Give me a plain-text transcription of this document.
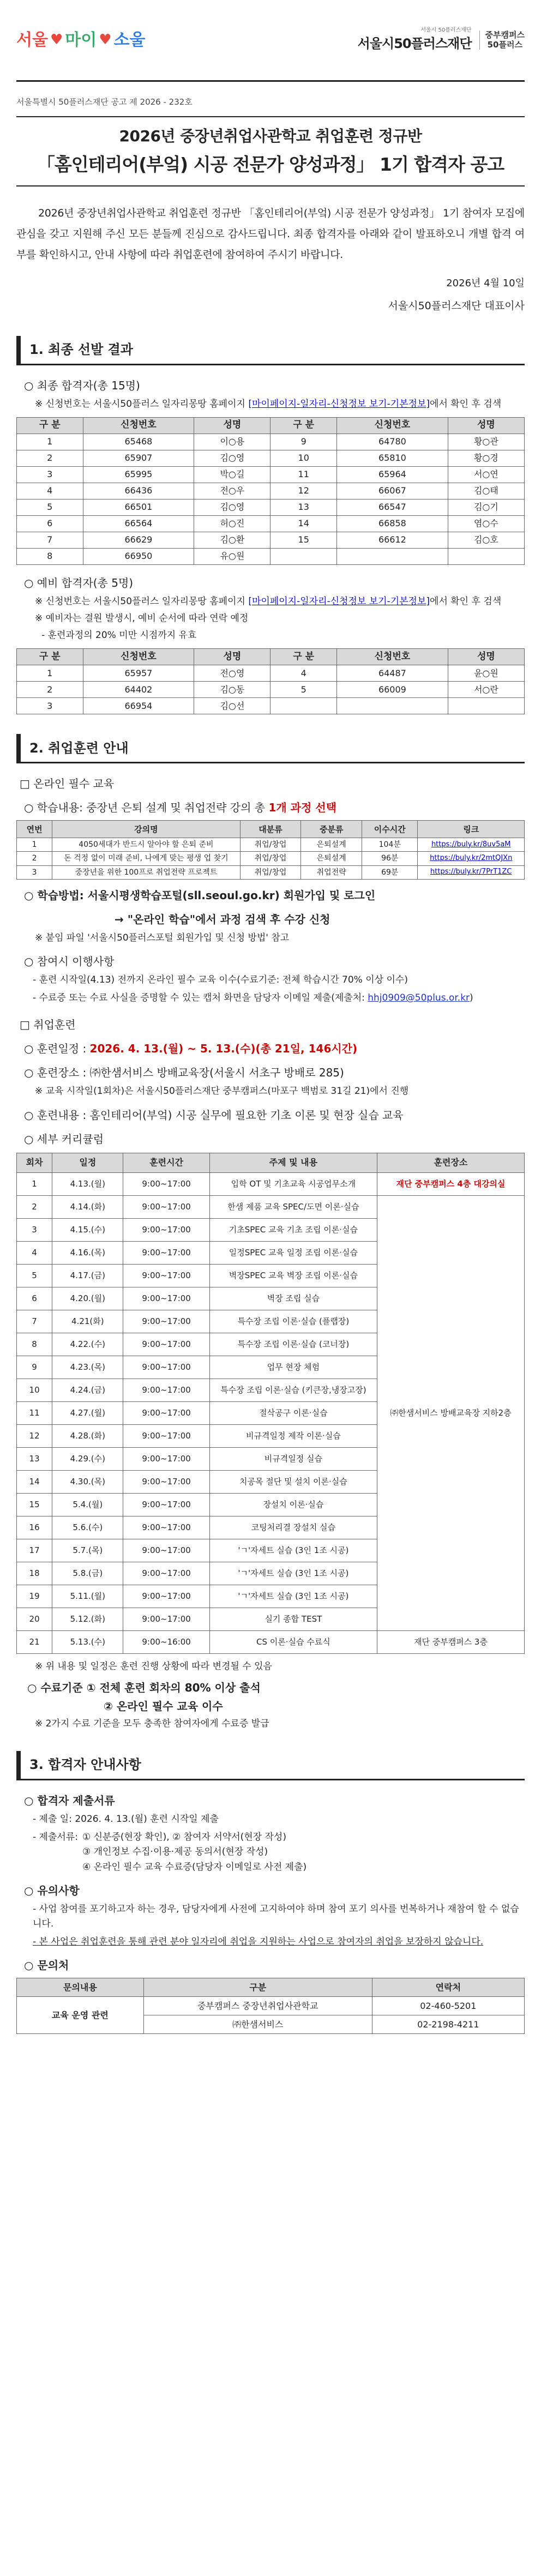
서울 ♥ 마이 ♥ 소울
서울시 50플러스재단
서울시50플러스재단
중부캠퍼스
50플러스
서울특별시 50플러스재단 공고 제 2026 - 232호
2026년 중장년취업사관학교 취업훈련 정규반
「홈인테리어(부엌) 시공 전문가 양성과정」 1기 합격자 공고

2026년 중장년취업사관학교 취업훈련 정규반 「홈인테리어(부엌) 시공 전문가 양성과정」 1기 참여자 모집에 관심을 갖고 지원해 주신 모든 분들께 진심으로 감사드립니다. 최종 합격자를 아래와 같이 발표하오니 개별 합격 여부를 확인하시고, 안내 사항에 따라 취업훈련에 참여하여 주시기 바랍니다.

2026년 4월 10일
서울시50플러스재단 대표이사
1. 최종 선발 결과
○ 최종 합격자(총 15명)
※ 신청번호는 서울시50플러스 일자리몽땅 홈페이지 [마이페이지-일자리-신청정보 보기-기본정보]에서 확인 후 검색
구 분	신청번호	성명	구 분	신청번호	성명
1	65468	이○용	9	64780	황○관
2	65907	김○영	10	65810	황○경
3	65995	박○길	11	65964	서○연
4	66436	전○우	12	66067	김○태
5	66501	김○영	13	66547	김○기
6	66564	허○진	14	66858	염○수
7	66629	김○환	15	66612	김○호
8	66950	유○원			
○ 예비 합격자(총 5명)
※ 신청번호는 서울시50플러스 일자리몽땅 홈페이지 [마이페이지-일자리-신청정보 보기-기본정보]에서 확인 후 검색
※ 예비자는 결원 발생시, 예비 순서에 따라 연락 예정
- 훈련과정의 20% 미만 시점까지 유효
구 분	신청번호	성명	구 분	신청번호	성명
1	65957	전○영	4	64487	윤○원
2	64402	김○동	5	66009	서○란
3	66954	김○선			
2. 취업훈련 안내
□ 온라인 필수 교육
○ 학습내용: 중장년 은퇴 설계 및 취업전략 강의 총 1개 과정 선택
연번	강의명	대분류	중분류	이수시간	링크
1	4050세대가 반드시 알아야 할 은퇴 준비	취업/창업	은퇴설계	104분	https://buly.kr/8uv5aM
2	돈 걱정 없이 미래 준비, 나에게 맞는 평생 업 찾기	취업/창업	은퇴설계	96분	https://buly.kr/2mtQJXn
3	중장년을 위한 100프로 취업전략 프로젝트	취업/창업	취업전략	69분	https://buly.kr/7PrT1ZC
○ 학습방법: 서울시평생학습포털(sll.seoul.go.kr) 회원가입 및 로그인
→ "온라인 학습"에서 과정 검색 후 수강 신청
※ 붙임 파일 '서울시50플러스포털 회원가입 및 신청 방법' 참고
○ 참여시 이행사항
- 훈련 시작일(4.13) 전까지 온라인 필수 교육 이수(수료기준: 전체 학습시간 70% 이상 이수)
- 수료증 또는 수료 사실을 증명할 수 있는 캡처 화면을 담당자 이메일 제출(제출처: hhj0909@50plus.or.kr)
□ 취업훈련
○ 훈련일정 : 2026. 4. 13.(월) ~ 5. 13.(수)(총 21일, 146시간)
○ 훈련장소 : ㈜한샘서비스 방배교육장(서울시 서초구 방배로 285)
※ 교육 시작일(1회차)은 서울시50플러스재단 중부캠퍼스(마포구 백범로 31길 21)에서 진행
○ 훈련내용 : 홈인테리어(부엌) 시공 실무에 필요한 기초 이론 및 현장 실습 교육
○ 세부 커리큘럼
회차	일정	훈련시간	주제 및 내용	훈련장소
1	4.13.(월)	9:00~17:00	입학 OT 및 기초교육 시공업무소개	재단 중부캠퍼스 4층 대강의실
2	4.14.(화)	9:00~17:00	한샘 제품 교육 SPEC/도면 이론·실습	㈜한샘서비스 방배교육장 지하2층
3	4.15.(수)	9:00~17:00	기초SPEC 교육 기초 조립 이론·실습	
4	4.16.(목)	9:00~17:00	일정SPEC 교육 일정 조립 이론·실습	
5	4.17.(금)	9:00~17:00	벽장SPEC 교육 벽장 조립 이론·실습	
6	4.20.(월)	9:00~17:00	벽장 조립 실습	
7	4.21(화)	9:00~17:00	특수장 조립 이론·실습 (플랩장)	
8	4.22.(수)	9:00~17:00	특수장 조립 이론·실습 (코너장)	
9	4.23.(목)	9:00~17:00	업무 현장 체험	
10	4.24.(금)	9:00~17:00	특수장 조립 이론·실습 (키큰장,냉장고장)	
11	4.27.(월)	9:00~17:00	절삭공구 이론·실습	
12	4.28.(화)	9:00~17:00	비규격일정 제작 이론·실습	
13	4.29.(수)	9:00~17:00	비규격일정 실습	
14	4.30.(목)	9:00~17:00	치공목 절단 및 설치 이론·실습	
15	5.4.(월)	9:00~17:00	장설치 이론·실습	
16	5.6.(수)	9:00~17:00	코팅처리결 장설치 실습	
17	5.7.(목)	9:00~17:00	'ㄱ'자세트 실습 (3인 1조 시공)	
18	5.8.(금)	9:00~17:00	'ㄱ'자세트 실습 (3인 1조 시공)	
19	5.11.(월)	9:00~17:00	'ㄱ'자세트 실습 (3인 1조 시공)	
20	5.12.(화)	9:00~17:00	실기 종합 TEST	
21	5.13.(수)	9:00~16:00	CS 이론·실습 수료식	재단 중부캠퍼스 3층
※ 위 내용 및 일정은 훈련 진행 상황에 따라 변경될 수 있음
○ 수료기준 ① 전체 훈련 회차의 80% 이상 출석
② 온라인 필수 교육 이수
※ 2가지 수료 기준을 모두 충족한 참여자에게 수료증 발급
3. 합격자 안내사항
○ 합격자 제출서류
- 제출 일: 2026. 4. 13.(월) 훈련 시작일 제출
- 제출서류: ① 신분증(현장 확인), ② 참여자 서약서(현장 작성)
③ 개인정보 수집·이용·제공 동의서(현장 작성)
④ 온라인 필수 교육 수료증(담당자 이메일로 사전 제출)
○ 유의사항
- 사업 참여를 포기하고자 하는 경우, 담당자에게 사전에 고지하여야 하며 참여 포기 의사를 번복하거나 재참여 할 수 없습니다.
- 본 사업은 취업훈련을 통해 관련 분야 일자리에 취업을 지원하는 사업으로 참여자의 취업을 보장하지 않습니다.
○ 문의처
문의내용	구분	연락처
교육 운영 관련	중부캠퍼스 중장년취업사관학교	02-460-5201
	㈜한샘서비스	02-2198-4211
